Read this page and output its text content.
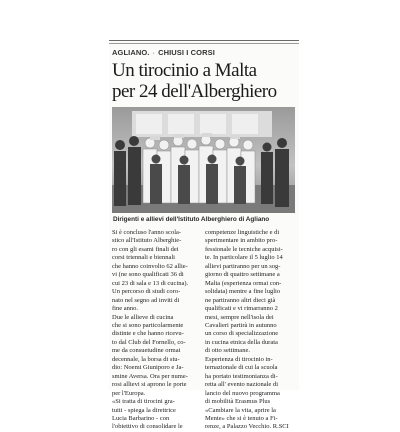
AGLIANO. · CHIUSI I CORSI
Un tirocinio a Malta
per 24 dell'Alberghiero
Dirigenti e allievi dell'Istituto Alberghiero di Agliano
Si è concluso l'anno scola-
stico all'Istituto Alberghie-
ro con gli esami finali dei
corsi triennali e biennali
che hanno coinvolto 62 allie-
vi (ne sono qualificati 36 di
cui 23 di sala e 13 di cucina).
Un percorso di studi coro-
nato nel segno ad inviti di
fine anno.
Due le allieve di cucina
che si sono particolarmente
distinte e che hanno ricevu-
to dal Club del Fornello, co-
me da consuetudine ormai
decennale, la borsa di stu-
dio: Noemi Giuniporo e Ja-
smine Aversa. Ora per nume-
rosi allievi si aprono le porte
per l'Europa.
«Si tratta di tirocini gra-
tuiti - spiega la direttrice
Lucia Barbarino - con
l'obiettivo di consolidare le
competenze linguistiche e di
sperimentare in ambito pro-
fessionale le tecniche acquisi-
te. In particolare il 5 luglio 14
allievi partiranno per un sog-
giorno di quattro settimane a
Malta (esperienza ormai con-
solidata) mentre a fine luglio
ne partiranno altri dieci già
qualificati e vi rimarranno 2
mesi, sempre nell'isola dei
Cavalieri partirà in autunno
un corso di specializzazione
in cucina etnica della durata
di otto settimane.
Esperienza di tirocinio in-
ternazionale di cui la scuola
ha portato testimonianza di-
retta all' evento nazionale di
lancio del nuovo programma
di mobilità Erasmus Plus
«Cambiare la vita, aprire la
Mente» che si è tenuto a Fi-
renze, a Palazzo Vecchio. R.SCI
